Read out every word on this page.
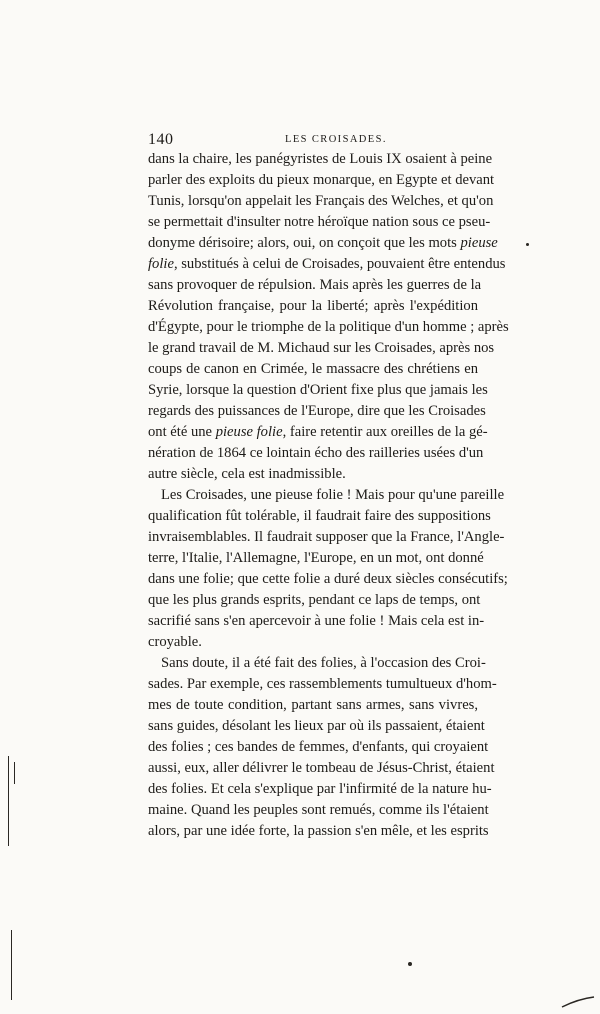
140	LES CROISADES.
dans la chaire, les panégyristes de Louis IX osaient à peine
parler des exploits du pieux monarque, en Egypte et devant
Tunis, lorsqu'on appelait les Français des Welches, et qu'on
se permettait d'insulter notre héroïque nation sous ce pseu-
donyme dérisoire; alors, oui, on conçoit que les mots pieuse
folie, substitués à celui de Croisades, pouvaient être entendus
sans provoquer de répulsion. Mais après les guerres de la
Révolution française, pour la liberté; après l'expédition
d'Égypte, pour le triomphe de la politique d'un homme ; après
le grand travail de M. Michaud sur les Croisades, après nos
coups de canon en Crimée, le massacre des chrétiens en
Syrie, lorsque la question d'Orient fixe plus que jamais les
regards des puissances de l'Europe, dire que les Croisades
ont été une pieuse folie, faire retentir aux oreilles de la gé-
nération de 1864 ce lointain écho des railleries usées d'un
autre siècle, cela est inadmissible.
Les Croisades, une pieuse folie ! Mais pour qu'une pareille
qualification fût tolérable, il faudrait faire des suppositions
invraisemblables. Il faudrait supposer que la France, l'Angle-
terre, l'Italie, l'Allemagne, l'Europe, en un mot, ont donné
dans une folie; que cette folie a duré deux siècles consécutifs;
que les plus grands esprits, pendant ce laps de temps, ont
sacrifié sans s'en apercevoir à une folie ! Mais cela est in-
croyable.
Sans doute, il a été fait des folies, à l'occasion des Croi-
sades. Par exemple, ces rassemblements tumultueux d'hom-
mes de toute condition, partant sans armes, sans vivres,
sans guides, désolant les lieux par où ils passaient, étaient
des folies ; ces bandes de femmes, d'enfants, qui croyaient
aussi, eux, aller délivrer le tombeau de Jésus-Christ, étaient
des folies. Et cela s'explique par l'infirmité de la nature hu-
maine. Quand les peuples sont remués, comme ils l'étaient
alors, par une idée forte, la passion s'en mêle, et les esprits
